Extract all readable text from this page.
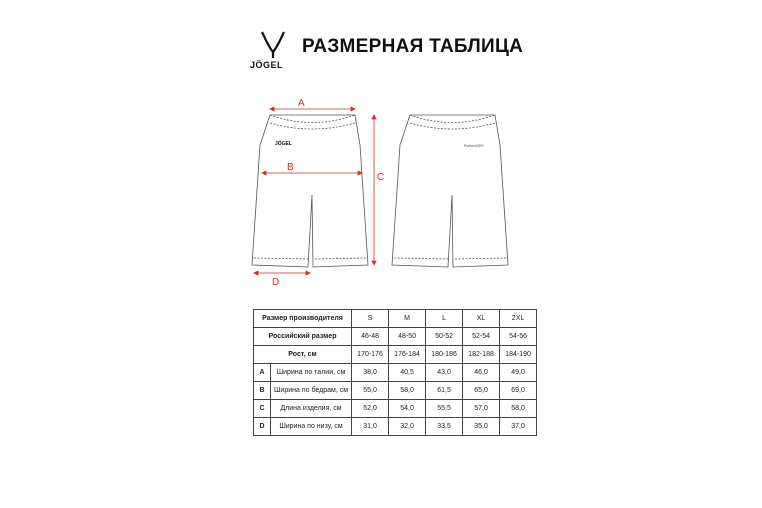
JÖGEL
РАЗМЕРНАЯ ТАБЛИЦА
JÖGEL
A
B
C
D
PerformDRY
Размер производителя		S	M	L	XL	2XL
Российский размер		46-48	48-50	50-52	52-54	54-56
Рост, см		170-176	176-184	180-186	182-188	184-190
A	Ширина по талии, см	38,0	40,5	43,0	46,0	49,0
B	Ширина по бедрам, см	55,0	58,0	61,5	65,0	69,0
C	Длина изделия, см	52,0	54,0	55,5	57,0	58,0
D	Ширина по низу, см	31,0	32,0	33,5	35,0	37,0
